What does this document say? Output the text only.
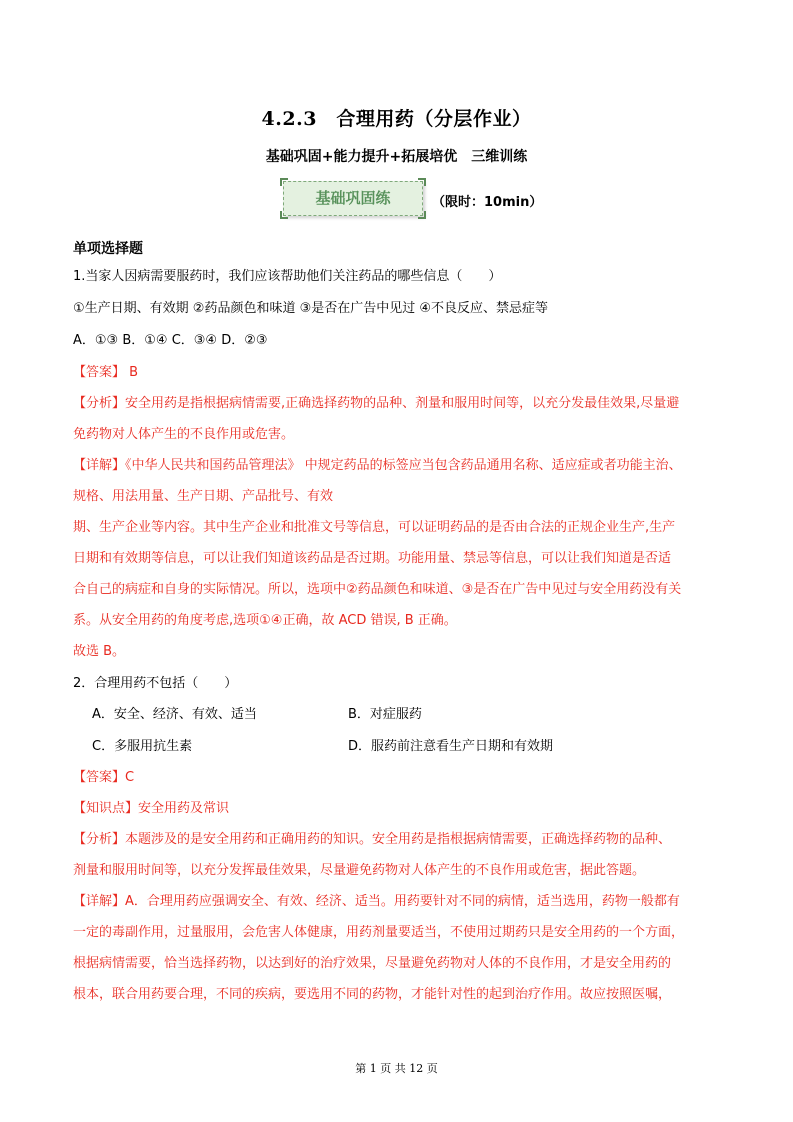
4.2.3　合理用药（分层作业）
基础巩固+能力提升+拓展培优　三维训练
基础巩固练	（限时：10min）
单项选择题
1.当家人因病需要服药时，我们应该帮助他们关注药品的哪些信息（　　）
①生产日期、有效期 ②药品颜色和味道 ③是否在广告中见过 ④不良反应、禁忌症等
A．①③ B．①④ C．③④ D．②③
【答案】 B
【分析】安全用药是指根据病情需要,正确选择药物的品种、剂量和服用时间等，以充分发最佳效果,尽量避
免药物对人体产生的不良作用或危害。
【详解】《中华人民共和国药品管理法》 中规定药品的标签应当包含药品通用名称、适应症或者功能主治、
规格、用法用量、生产日期、产品批号、有效
期、生产企业等内容。其中生产企业和批准文号等信息，可以证明药品的是否由合法的正规企业生产,生产
日期和有效期等信息，可以让我们知道该药品是否过期。功能用量、禁忌等信息，可以让我们知道是否适
合自己的病症和自身的实际情况。所以，选项中②药品颜色和味道、③是否在广告中见过与安全用药没有关
系。从安全用药的角度考虑,选项①④正确，故 ACD 错误, B 正确。
故选 B。
2．合理用药不包括（　　）
A．安全、经济、有效、适当	B．对症服药
C．多服用抗生素	D．服药前注意看生产日期和有效期
【答案】C
【知识点】安全用药及常识
【分析】本题涉及的是安全用药和正确用药的知识。安全用药是指根据病情需要，正确选择药物的品种、
剂量和服用时间等，以充分发挥最佳效果，尽量避免药物对人体产生的不良作用或危害，据此答题。
【详解】A．合理用药应强调安全、有效、经济、适当。用药要针对不同的病情，适当选用，药物一般都有
一定的毒副作用，过量服用，会危害人体健康，用药剂量要适当，不使用过期药只是安全用药的一个方面，
根据病情需要，恰当选择药物，以达到好的治疗效果，尽量避免药物对人体的不良作用，才是安全用药的
根本，联合用药要合理，不同的疾病，要选用不同的药物，才能针对性的起到治疗作用。故应按照医嘱，
第 1 页 共 12 页
